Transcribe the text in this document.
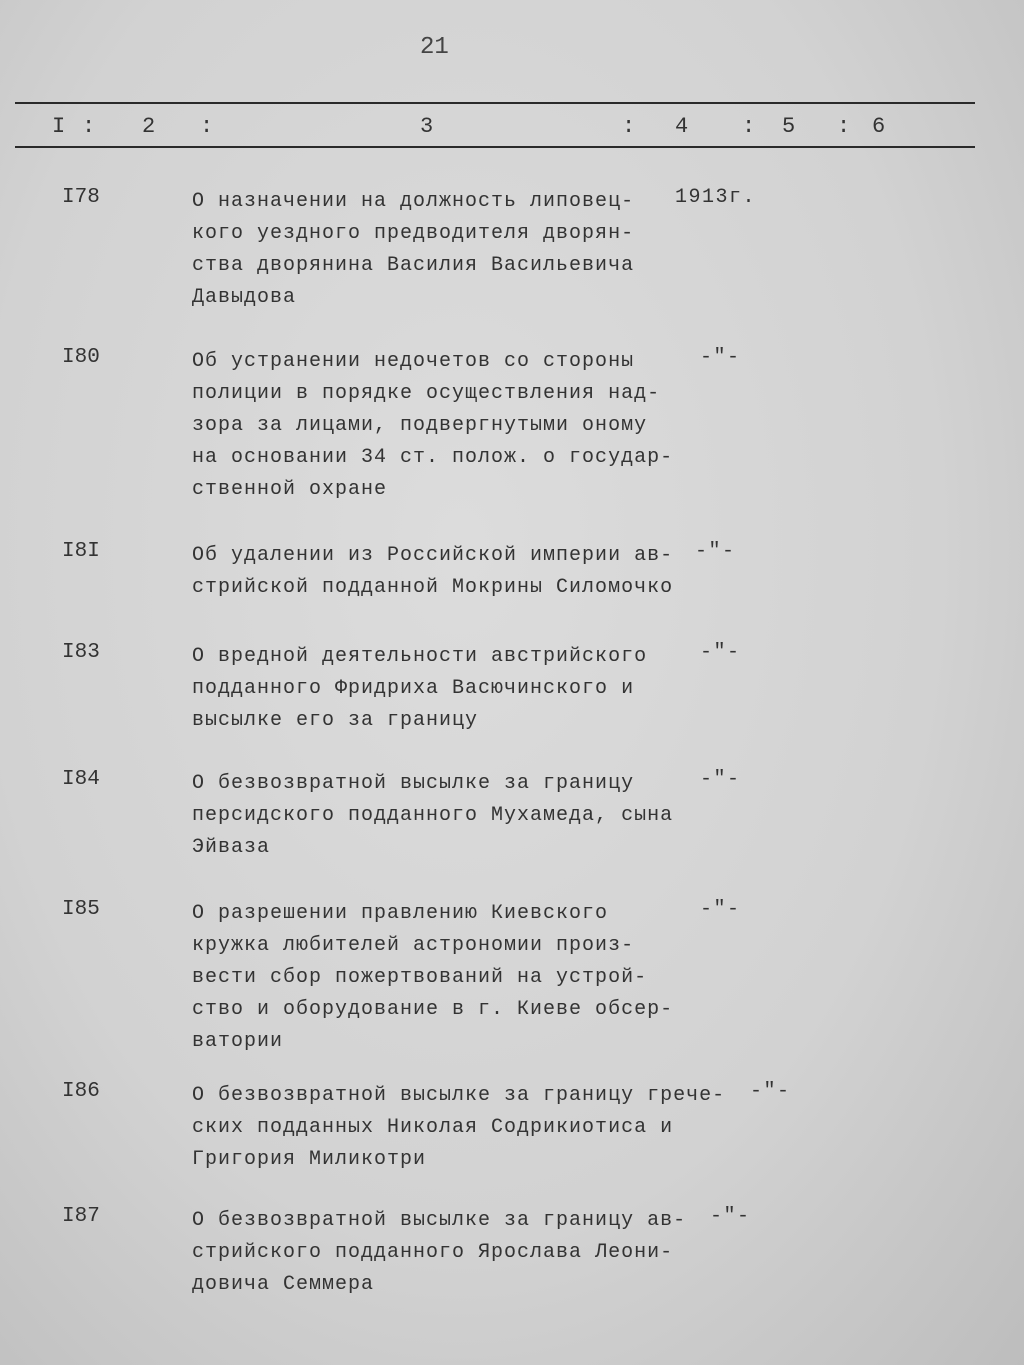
21
I : 2 :	3	: 4 : 5 : 6
I78	О назначении на должность липовец-
кого уездного предводителя дворян-
ства дворянина Василия Васильевича
Давыдова
1913г.
I80	Об устранении недочетов со стороны
полиции в порядке осуществления над-
зора за лицами, подвергнутыми оному
на основании 34 ст. полож. о государ-
ственной охране
-"-
I8I	Об удалении из Российской империи ав-
стрийской подданной Мокрины Силомочко
-"-
I83	О вредной деятельности австрийского
подданного Фридриха Васючинского и
высылке его за границу
-"-
I84	О безвозвратной высылке за границу
персидского подданного Мухамеда, сына
Эйваза
-"-
I85	О разрешении правлению Киевского
кружка любителей астрономии произ-
вести сбор пожертвований на устрой-
ство и оборудование в г. Киеве обсер-
ватории
-"-
I86	О безвозвратной высылке за границу грече-
ских подданных Николая Содрикиотиса и
Григория Миликотри
-"-
I87	О безвозвратной высылке за границу ав-
стрийского подданного Ярослава Леони-
довича Семмера
-"-
